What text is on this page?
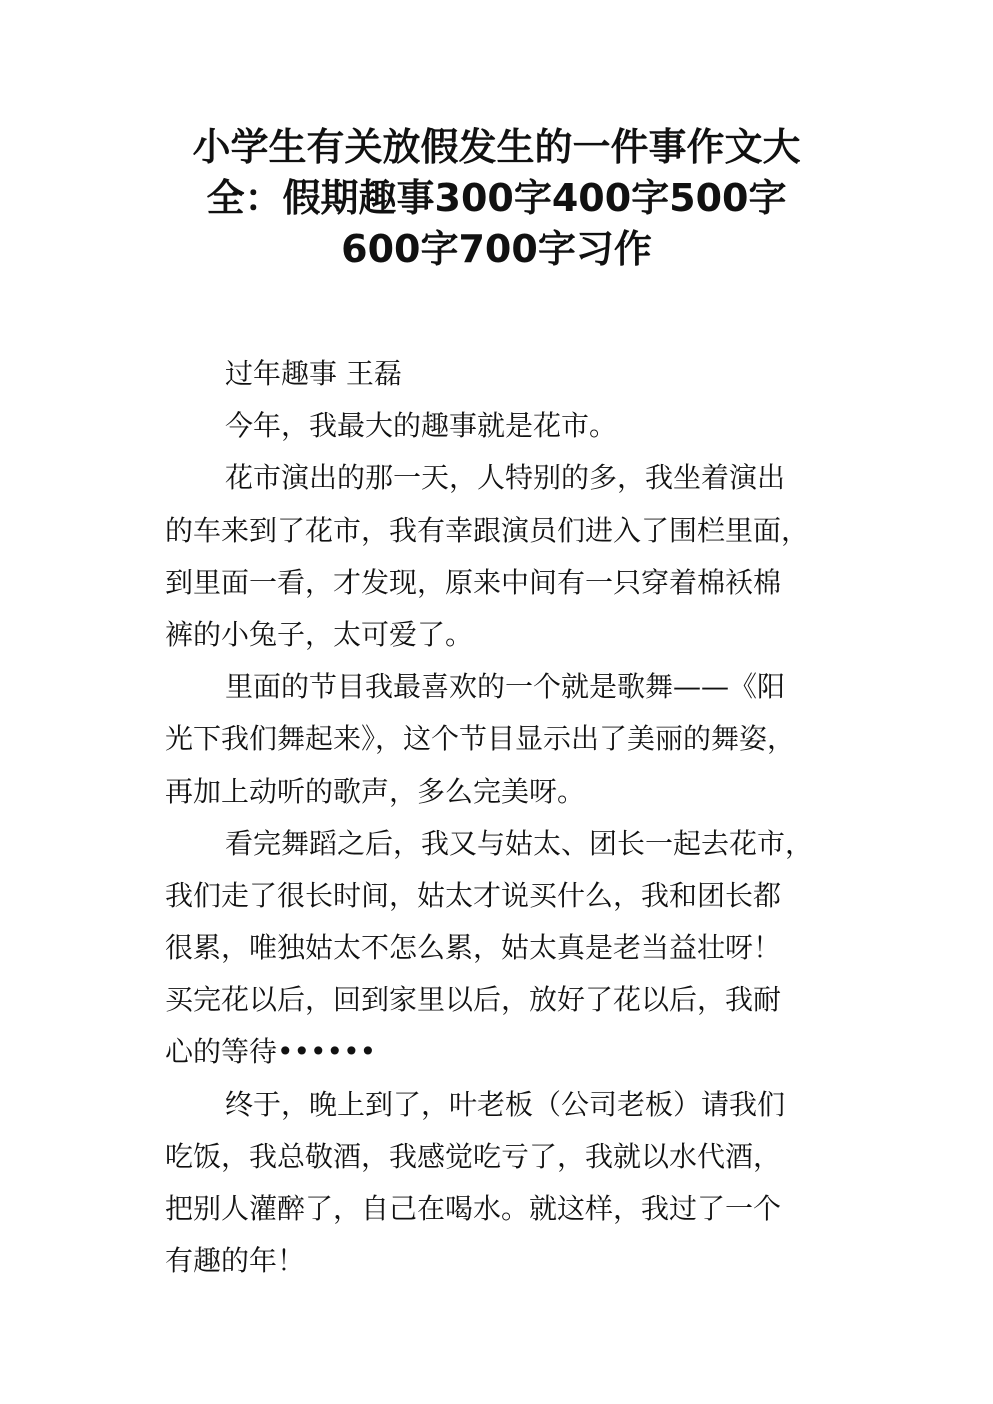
小学生有关放假发生的一件事作文大
全：假期趣事300字400字500字
600字700字习作
过年趣事 王磊
今年，我最大的趣事就是花市。
花市演出的那一天，人特别的多，我坐着演出
的车来到了花市，我有幸跟演员们进入了围栏里面，
到里面一看，才发现，原来中间有一只穿着棉袄棉
裤的小兔子，太可爱了。
里面的节目我最喜欢的一个就是歌舞——《阳
光下我们舞起来》，这个节目显示出了美丽的舞姿，
再加上动听的歌声，多么完美呀。
看完舞蹈之后，我又与姑太、团长一起去花市，
我们走了很长时间，姑太才说买什么，我和团长都
很累，唯独姑太不怎么累，姑太真是老当益壮呀！
买完花以后，回到家里以后，放好了花以后，我耐
心的等待••••••
终于，晚上到了，叶老板（公司老板）请我们
吃饭，我总敬酒，我感觉吃亏了，我就以水代酒，
把别人灌醉了，自己在喝水。就这样，我过了一个
有趣的年！
